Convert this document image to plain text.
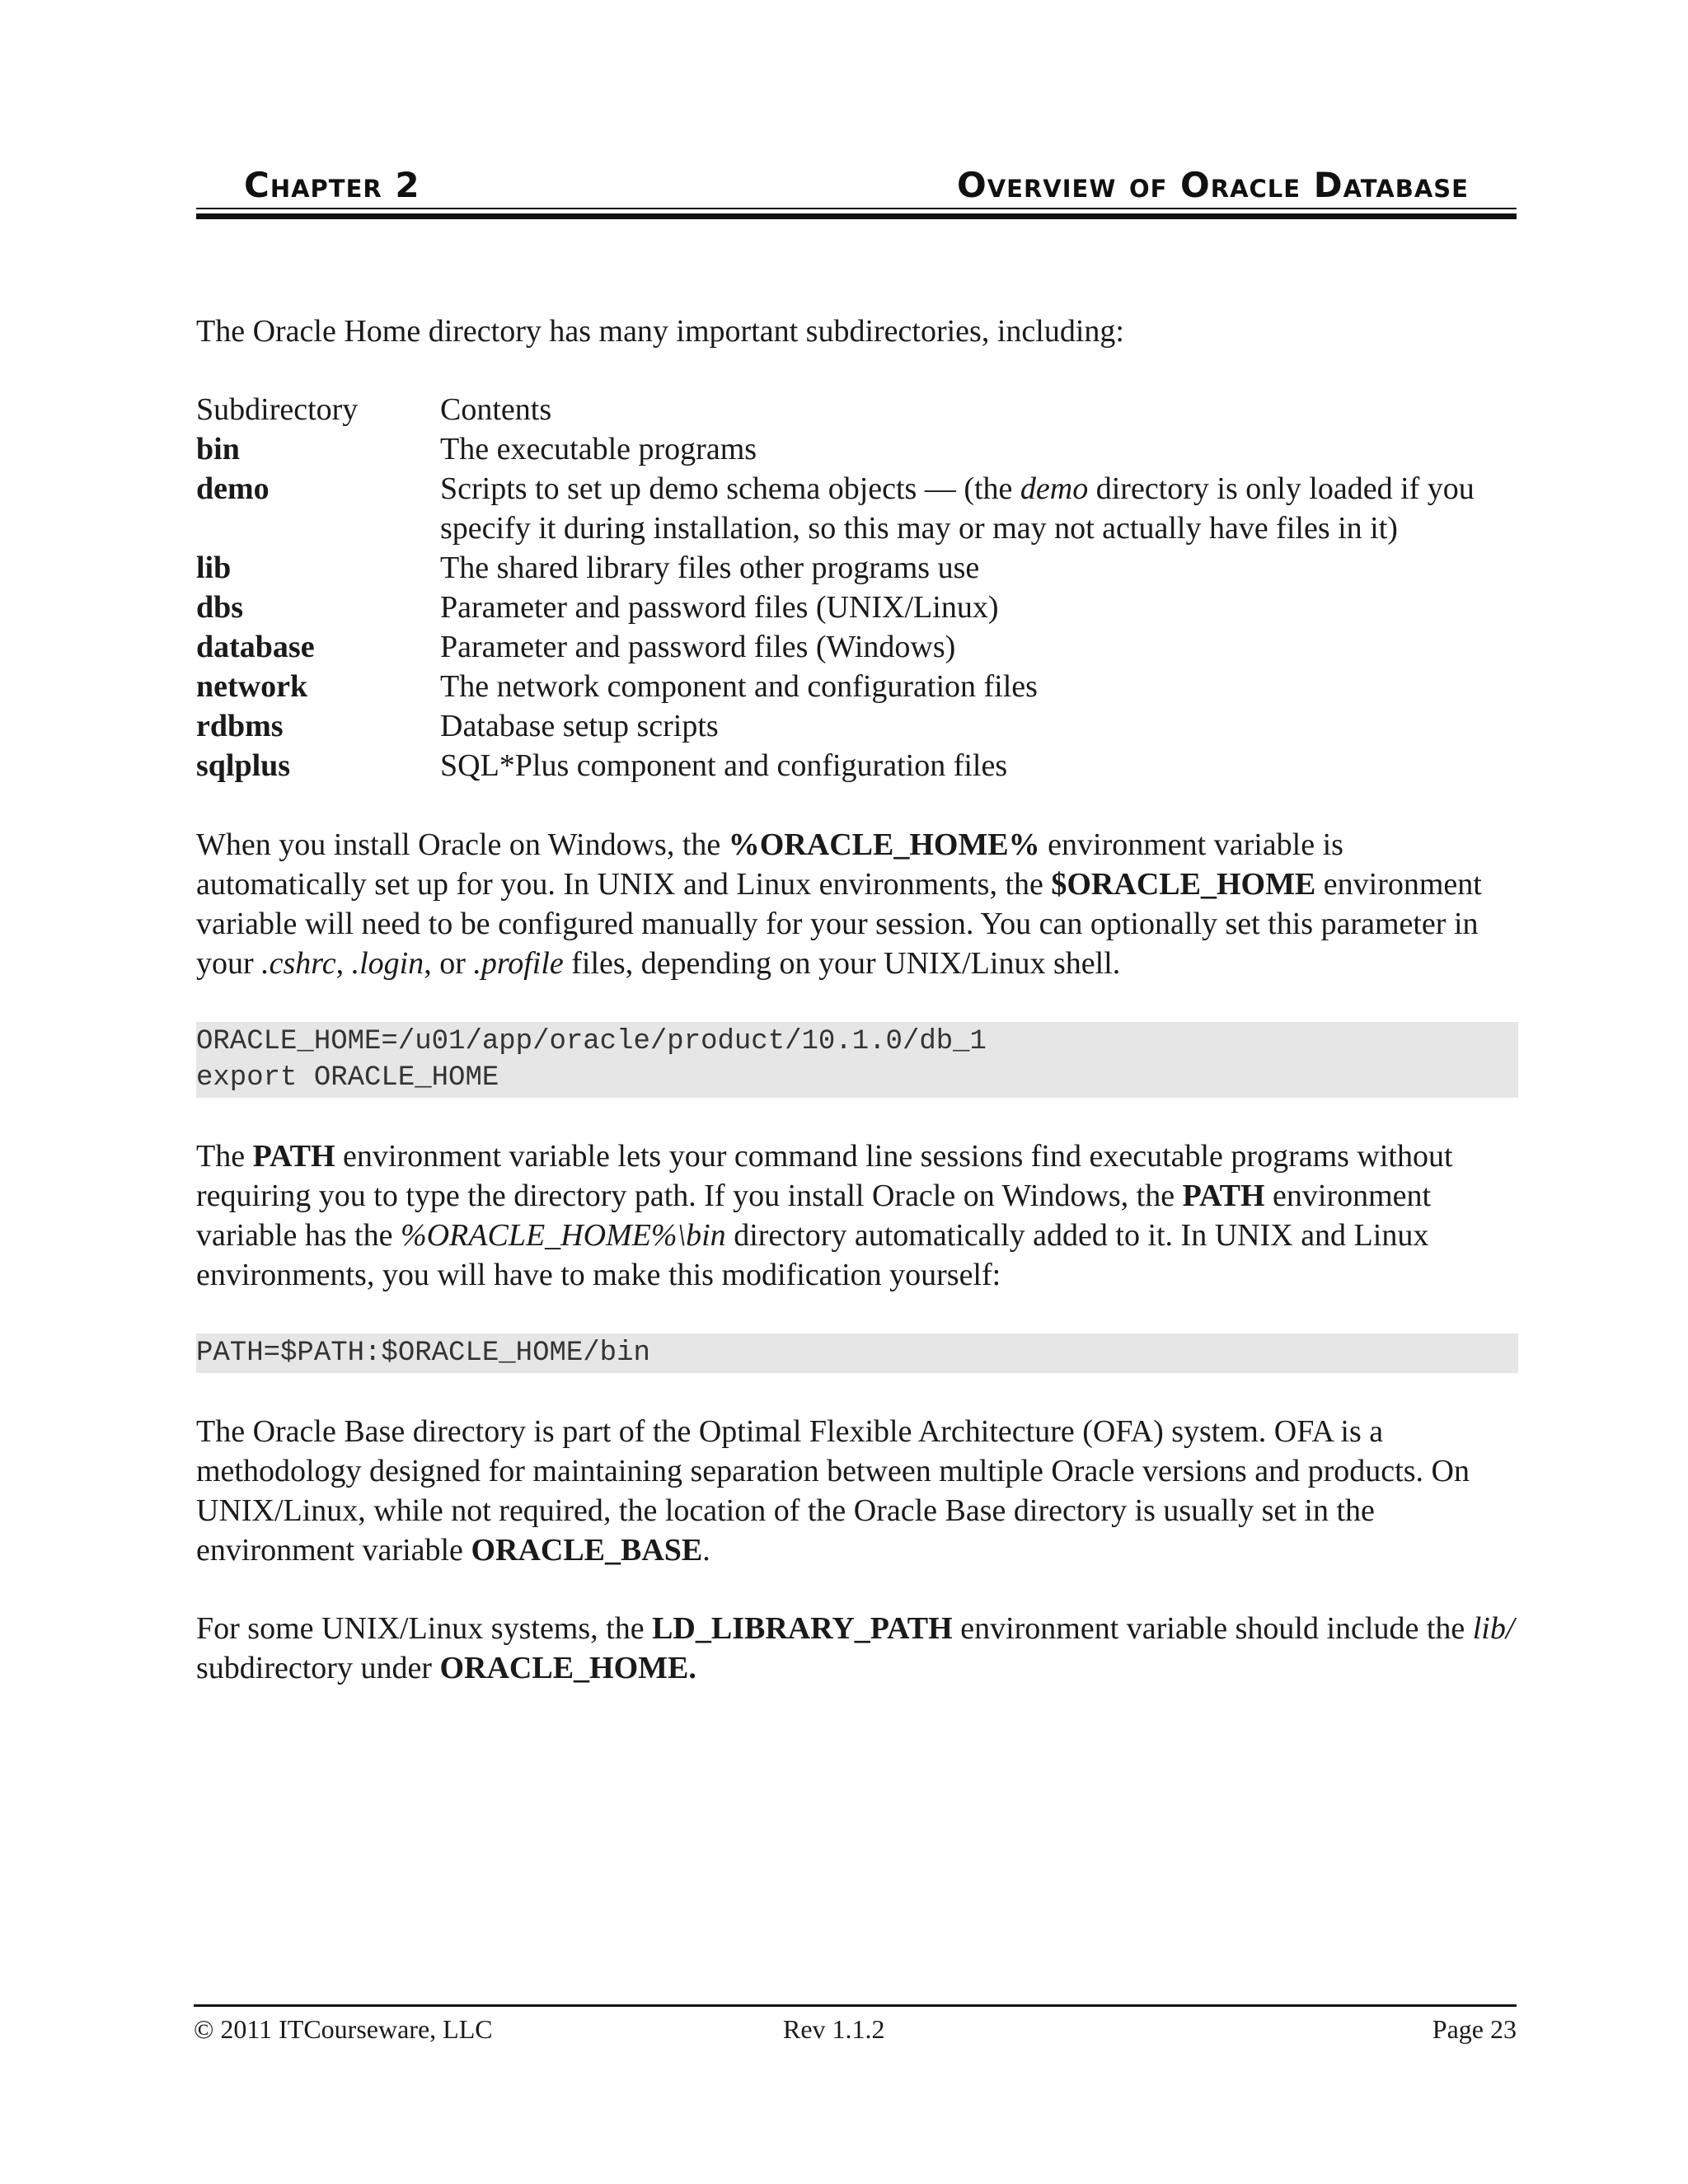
Chapter 2	Overview of Oracle Database

The Oracle Home directory has many important subdirectories, including:

Subdirectory	Contents
bin	The executable programs
demo	Scripts to set up demo schema objects — (the demo directory is only loaded if you specify it during installation, so this may or may not actually have files in it)
lib	The shared library files other programs use
dbs	Parameter and password files (UNIX/Linux)
database	Parameter and password files (Windows)
network	The network component and configuration files
rdbms	Database setup scripts
sqlplus	SQL*Plus component and configuration files

When you install Oracle on Windows, the %ORACLE_HOME% environment variable is automatically set up for you. In UNIX and Linux environments, the $ORACLE_HOME environment variable will need to be configured manually for your session. You can optionally set this parameter in your .cshrc, .login, or .profile files, depending on your UNIX/Linux shell.

ORACLE_HOME=/u01/app/oracle/product/10.1.0/db_1
export ORACLE_HOME

The PATH environment variable lets your command line sessions find executable programs without requiring you to type the directory path. If you install Oracle on Windows, the PATH environment variable has the %ORACLE_HOME%\bin directory automatically added to it. In UNIX and Linux environments, you will have to make this modification yourself:

PATH=$PATH:$ORACLE_HOME/bin

The Oracle Base directory is part of the Optimal Flexible Architecture (OFA) system. OFA is a methodology designed for maintaining separation between multiple Oracle versions and products. On UNIX/Linux, while not required, the location of the Oracle Base directory is usually set in the environment variable ORACLE_BASE.

For some UNIX/Linux systems, the LD_LIBRARY_PATH environment variable should include the lib/ subdirectory under ORACLE_HOME.

© 2011 ITCourseware, LLC	Rev 1.1.2	Page 23
